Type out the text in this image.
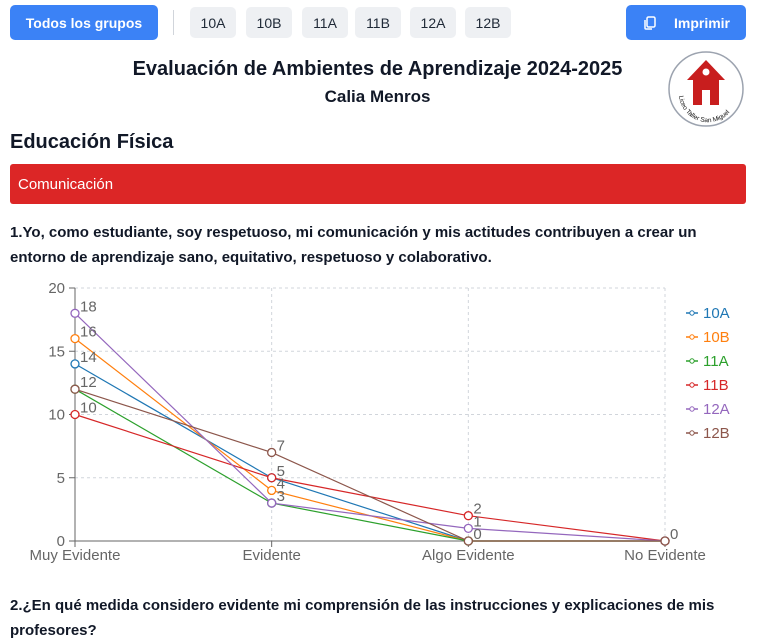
Todos los grupos	10A	10B	11A	11B	12A	12B	Imprimir
Evaluación de Ambientes de Aprendizaje 2024-2025
Calia Menros	Liceo Taller San Miguel
Educación Física
Comunicación
1.Yo, como estudiante, soy respetuoso, mi comunicación y mis actitudes contribuyen a crear un entorno de aprendizaje sano, equitativo, respetuoso y colaborativo.
0
5
10
15
20
Muy Evidente	Evidente	Algo Evidente	No Evidente
18
16
14
12
10
7
5
4
3
2
1
0	0
10A
10B
11A
11B
12A
12B
2.¿En qué medida considero evidente mi comprensión de las instrucciones y explicaciones de mis profesores?
